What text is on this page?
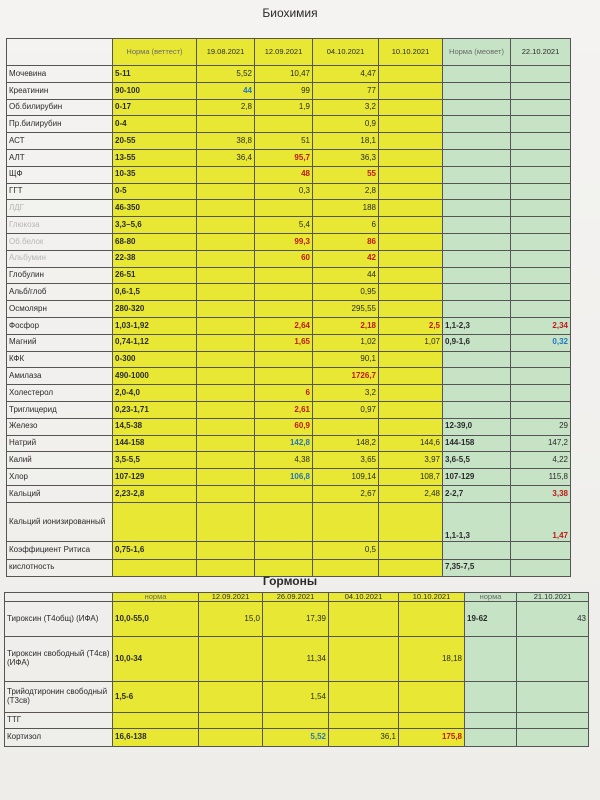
Биохимия
	Норма (веттест)	19.08.2021	12.09.2021	04.10.2021	10.10.2021	Норма (меовет)	22.10.2021
Мочевина	5-11	5,52	10,47	4,47			
Креатинин	90-100	44	99	77			
Об.билирубин	0-17	2,8	1,9	3,2			
Пр.билирубин	0-4			0,9			
АСТ	20-55	38,8	51	18,1			
АЛТ	13-55	36,4	95,7	36,3			
ЩФ	10-35		48	55			
ГГТ	0-5		0,3	2,8			
ЛДГ	46-350			188			
Глюкоза	3,3–5,6		5,4	6			
Об.белок	68-80		99,3	86			
Альбумин	22-38		60	42			
Глобулин	26-51			44			
Альб/глоб	0,6-1,5			0,95			
Осмолярн	280-320			295,55			
Фосфор	1,03-1,92		2,64	2,18	2,5	1,1-2,3	2,34
Магний	0,74-1,12		1,65	1,02	1,07	0,9-1,6	0,32
КФК	0-300			90,1			
Амилаза	490-1000			1726,7			
Холестерол	2,0-4,0		6	3,2			
Триглицерид	0,23-1,71		2,61	0,97			
Железо	14,5-38		60,9			12-39,0	29
Натрий	144-158		142,8	148,2	144,6	144-158	147,2
Калий	3,5-5,5		4,38	3,65	3,97	3,6-5,5	4,22
Хлор	107-129		106,8	109,14	108,7	107-129	115,8
Кальций	2,23-2,8			2,67	2,48	2-2,7	3,38
Кальций ионизированный						1,1-1,3	1,47
Коэффициент Ритиса	0,75-1,6			0,5			
кислотность						7,35-7,5	
Гормоны
	норма	12.09.2021	26.09.2021	04.10.2021	10.10.2021	норма	21.10.2021
Тироксин (Т4общ) (ИФА)	10,0-55,0	15,0	17,39			19-62	43
Тироксин свободный (Т4св) (ИФА)	10,0-34		11,34		18,18		
Трийодтиронин свободный (Т3св)	1,5-6		1,54				
ТТГ							
Кортизол	16,6-138		5,52	36,1	175,8		
